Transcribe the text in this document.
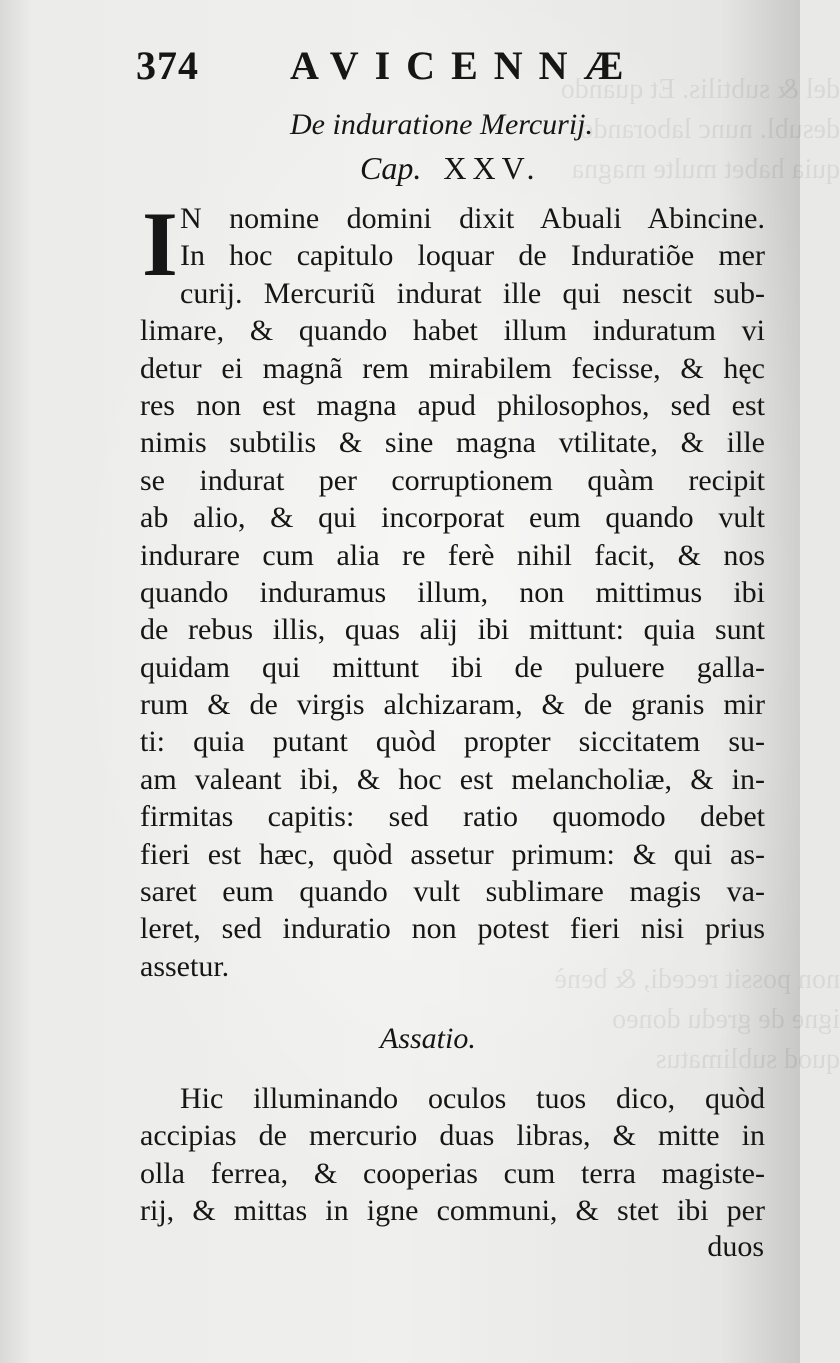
del & subtilis. Et quando
desubl. nunc laborando
quia habet multe magna
non possit recedi, & benè
igne de gredu doneo
quod sublimatus
374 AVICENNÆ
De induratione Mercurij.
Cap. XXV.
I N nomine domini dixit Abuali Abincine.
In hoc capitulo loquar de Induratiõe mer
curij. Mercuriũ indurat ille qui nescit sub-
limare, & quando habet illum induratum vi
detur ei magnã rem mirabilem fecisse, & hęc
res non est magna apud philosophos, sed est
nimis subtilis & sine magna vtilitate, & ille
se indurat per corruptionem quàm recipit
ab alio, & qui incorporat eum quando vult
indurare cum alia re ferè nihil facit, & nos
quando induramus illum, non mittimus ibi
de rebus illis, quas alij ibi mittunt: quia sunt
quidam qui mittunt ibi de puluere galla-
rum & de virgis alchizaram, & de granis mir
ti: quia putant quòd propter siccitatem su-
am valeant ibi, & hoc est melancholiæ, & in-
firmitas capitis: sed ratio quomodo debet
fieri est hæc, quòd assetur primum: & qui as-
saret eum quando vult sublimare magis va-
leret, sed induratio non potest fieri nisi prius
assetur.
Assatio.
Hic illuminando oculos tuos dico, quòd
accipias de mercurio duas libras, & mitte in
olla ferrea, & cooperias cum terra magiste-
rij, & mittas in igne communi, & stet ibi per
duos
